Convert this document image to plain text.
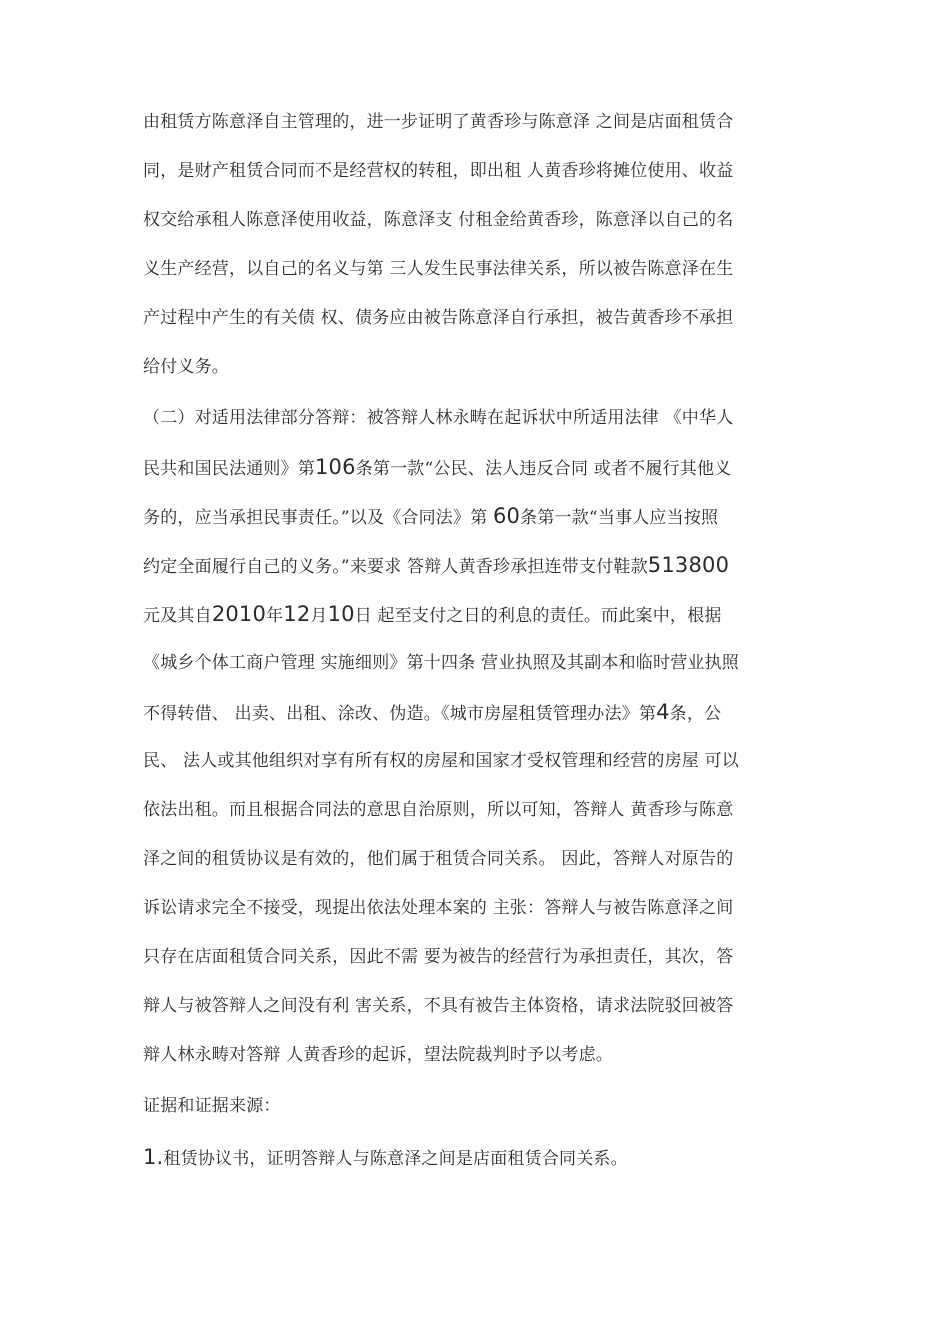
由租赁方陈意泽自主管理的，进一步证明了黄香珍与陈意泽 之间是店面租赁合
同，是财产租赁合同而不是经营权的转租，即出租 人黄香珍将摊位使用、收益
权交给承租人陈意泽使用收益，陈意泽支 付租金给黄香珍，陈意泽以自己的名
义生产经营，以自己的名义与第 三人发生民事法律关系，所以被告陈意泽在生
产过程中产生的有关债 权、债务应由被告陈意泽自行承担，被告黄香珍不承担
给付义务。
（二）对适用法律部分答辩：被答辩人林永畴在起诉状中所适用法律 《中华人
民共和国民法通则》第106条第一款“公民、法人违反合同 或者不履行其他义
务的，应当承担民事责任。”以及《合同法》第 60条第一款“当事人应当按照
约定全面履行自己的义务。”来要求 答辩人黄香珍承担连带支付鞋款513800
元及其自2010年12月10日 起至支付之日的利息的责任。而此案中，根据
《城乡个体工商户管理 实施细则》第十四条 营业执照及其副本和临时营业执照
不得转借、 出卖、出租、涂改、伪造。《城市房屋租赁管理办法》第4条，公
民、 法人或其他组织对享有所有权的房屋和国家才受权管理和经营的房屋 可以
依法出租。而且根据合同法的意思自治原则，所以可知，答辩人 黄香珍与陈意
泽之间的租赁协议是有效的，他们属于租赁合同关系。 因此，答辩人对原告的
诉讼请求完全不接受，现提出依法处理本案的 主张：答辩人与被告陈意泽之间
只存在店面租赁合同关系，因此不需 要为被告的经营行为承担责任，其次，答
辩人与被答辩人之间没有利 害关系，不具有被告主体资格，请求法院驳回被答
辩人林永畴对答辩 人黄香珍的起诉，望法院裁判时予以考虑。
证据和证据来源：
1.租赁协议书，证明答辩人与陈意泽之间是店面租赁合同关系。
